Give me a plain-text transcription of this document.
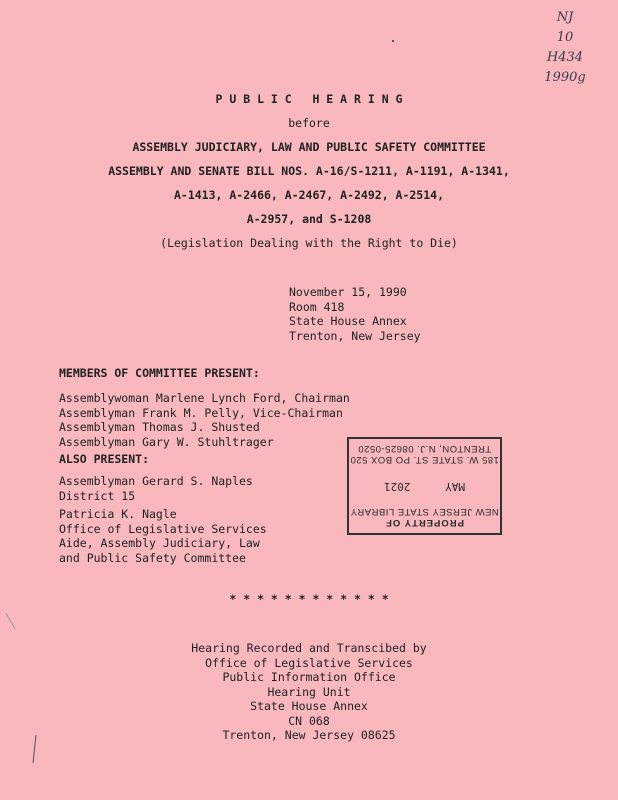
NJ
10
H434
1990g
P U B L I C   H E A R I N G
before
ASSEMBLY JUDICIARY, LAW AND PUBLIC SAFETY COMMITTEE
ASSEMBLY AND SENATE BILL NOS. A-16/S-1211, A-1191, A-1341,
A-1413, A-2466, A-2467, A-2492, A-2514,
A-2957, and S-1208
(Legislation Dealing with the Right to Die)
November 15, 1990
Room 418
State House Annex
Trenton, New Jersey
MEMBERS OF COMMITTEE PRESENT:
Assemblywoman Marlene Lynch Ford, Chairman
Assemblyman Frank M. Pelly, Vice-Chairman
Assemblyman Thomas J. Shusted
Assemblyman Gary W. Stuhltrager
ALSO PRESENT:
Assemblyman Gerard S. Naples
District 15
Patricia K. Nagle
Office of Legislative Services
Aide, Assembly Judiciary, Law
and Public Safety Committee
PROPERTY OF
NEW JERSEY STATE LIBRARY
MAY 2021
185 W. STATE ST. PO BOX 520
TRENTON, N.J. 08625-0520
* * * * * * * * * * * *
Hearing Recorded and Transcibed by
Office of Legislative Services
Public Information Office
Hearing Unit
State House Annex
CN 068
Trenton, New Jersey 08625
